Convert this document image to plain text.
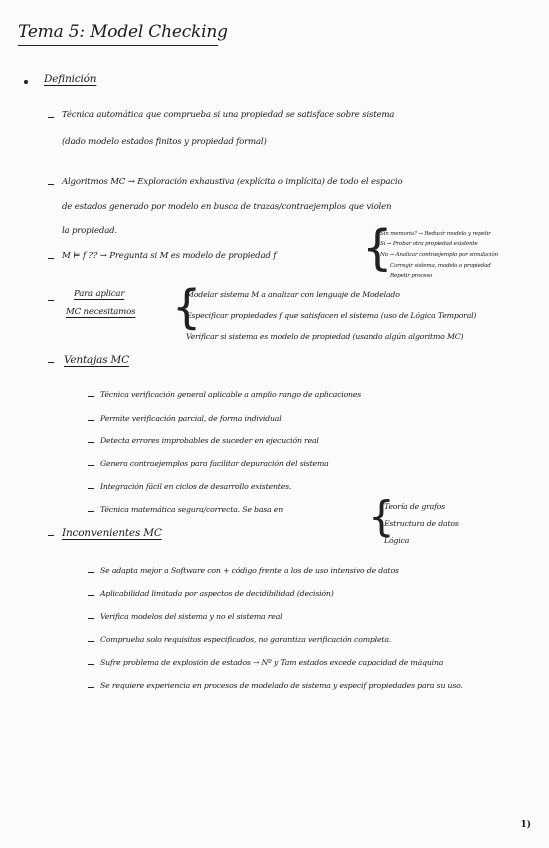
Tema 5: Model Checking
Definición
Técnica automática que comprueba si una propiedad se satisface sobre sistema
(dado modelo estados finitos y propiedad formal)
Algoritmos MC → Exploración exhaustiva (explícita o implícita) de todo el espacio
de estados generado por modelo en busca de trazas/contraejemplos que violen
la propiedad.
M ⊨ f ?? → Pregunta si M es modelo de propiedad f {
Sin memoria? → Reducir modelo y repetir
Sí → Probar otra propiedad existente
No → Analizar contraejemplo por simulación
Corregir sistema, modelo o propiedad
Repetir proceso
Para aplicar
MC necesitamos {
Modelar sistema M a analizar con lenguaje de Modelado
Especificar propiedades f que satisfacen el sistema (uso de Lógica Temporal)
Verificar si sistema es modelo de propiedad (usando algún algoritmo MC)
Ventajas MC
Técnica verificación general aplicable a amplio rango de aplicaciones
Permite verificación parcial, de forma individual
Detecta errores improbables de suceder en ejecución real
Genera contraejemplos para facilitar depuración del sistema
Integración fácil en ciclos de desarrollo existentes.
Técnica matemática segura/correcta. Se basa en {
Teoría de grafos
Estructura de datos
Lógica
Inconvenientes MC
Se adapta mejor a Software con + código frente a los de uso intensivo de datos
Aplicabilidad limitada por aspectos de decidibilidad (decisión)
Verifica modelos del sistema y no el sistema real
Comprueba solo requisitos especificados, no garantiza verificación completa.
Sufre problema de explosión de estados → Nº y Tam estados excede capacidad de máquina
Se requiere experiencia en procesos de modelado de sistema y especif propiedades para su uso.
1)
